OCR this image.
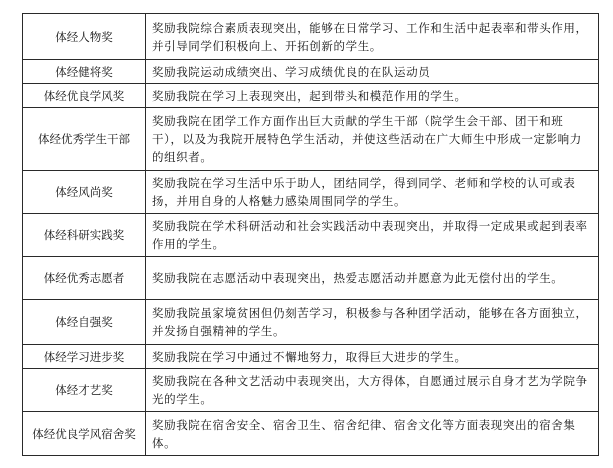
体经人物奖	奖励我院综合素质表现突出，能够在日常学习、工作和生活中起表率和带头作用，并引导同学们积极向上、开拓创新的学生。
体经健将奖	奖励我院运动成绩突出、学习成绩优良的在队运动员
体经优良学风奖	奖励我院在学习上表现突出，起到带头和模范作用的学生。
体经优秀学生干部	奖励我院在团学工作方面作出巨大贡献的学生干部（院学生会干部、团干和班干），以及为我院开展特色学生活动，并使这些活动在广大师生中形成一定影响力的组织者。
体经风尚奖	奖励我院在学习生活中乐于助人，团结同学，得到同学、老师和学校的认可或表扬，并用自身的人格魅力感染周围同学的学生。
体经科研实践奖	奖励我院在学术科研活动和社会实践活动中表现突出，并取得一定成果或起到表率作用的学生。
体经优秀志愿者	奖励我院在志愿活动中表现突出，热爱志愿活动并愿意为此无偿付出的学生。
体经自强奖	奖励我院虽家境贫困但仍刻苦学习，积极参与各种团学活动，能够在各方面独立，并发扬自强精神的学生。
体经学习进步奖	奖励我院在学习中通过不懈地努力，取得巨大进步的学生。
体经才艺奖	奖励我院在各种文艺活动中表现突出，大方得体，自愿通过展示自身才艺为学院争光的学生。
体经优良学风宿舍奖	奖励我院在宿舍安全、宿舍卫生、宿舍纪律、宿舍文化等方面表现突出的宿舍集体。
